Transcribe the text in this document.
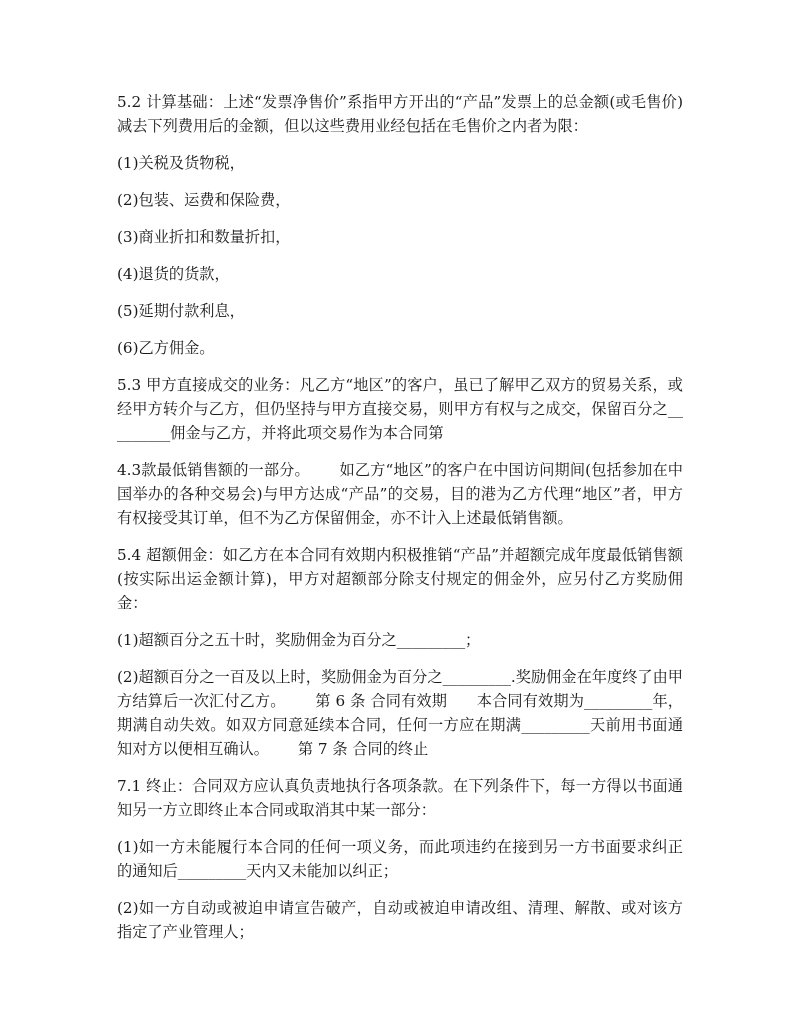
5.2 计算基础：上述“发票净售价”系指甲方开出的“产品”发票上的总金额(或毛售价)减去下列费用后的金额，但以这些费用业经包括在毛售价之内者为限：

(1)关税及货物税，

(2)包装、运费和保险费，

(3)商业折扣和数量折扣，

(4)退货的货款，

(5)延期付款利息，

(6)乙方佣金。

5.3 甲方直接成交的业务：凡乙方“地区”的客户，虽已了解甲乙双方的贸易关系，或经甲方转介与乙方，但仍坚持与甲方直接交易，则甲方有权与之成交，保留百分之_________佣金与乙方，并将此项交易作为本合同第

4.3款最低销售额的一部分。      如乙方“地区”的客户在中国访问期间(包括参加在中国举办的各种交易会)与甲方达成“产品”的交易，目的港为乙方代理“地区”者，甲方有权接受其订单，但不为乙方保留佣金，亦不计入上述最低销售额。

5.4 超额佣金：如乙方在本合同有效期内积极推销“产品”并超额完成年度最低销售额(按实际出运金额计算)，甲方对超额部分除支付规定的佣金外，应另付乙方奖励佣金：

(1)超额百分之五十时，奖励佣金为百分之_________；

(2)超额百分之一百及以上时，奖励佣金为百分之_________.奖励佣金在年度终了由甲方结算后一次汇付乙方。      第 6 条 合同有效期      本合同有效期为_________年，期满自动失效。如双方同意延续本合同，任何一方应在期满_________天前用书面通知对方以便相互确认。      第 7 条 合同的终止

7.1 终止：合同双方应认真负责地执行各项条款。在下列条件下，每一方得以书面通知另一方立即终止本合同或取消其中某一部分：

(1)如一方未能履行本合同的任何一项义务，而此项违约在接到另一方书面要求纠正的通知后_________天内又未能加以纠正；

(2)如一方自动或被迫申请宣告破产，自动或被迫申请改组、清理、解散、或对该方指定了产业管理人；
